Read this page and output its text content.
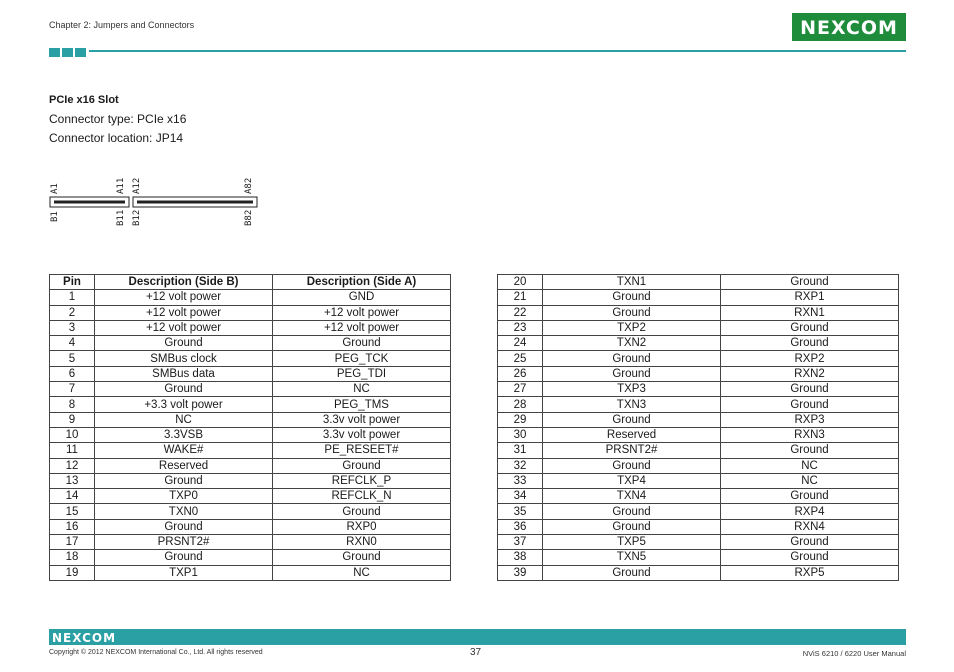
Chapter 2: Jumpers and Connectors	NEXCOM
PCIe x16 Slot
Connector type: PCIe x16
Connector location: JP14
A1	A11 A12	A82
B1	B11 B12	B82
Pin	Description (Side B)	Description (Side A)
1	+12 volt power	GND
2	+12 volt power	+12 volt power
3	+12 volt power	+12 volt power
4	Ground	Ground
5	SMBus clock	PEG_TCK
6	SMBus data	PEG_TDI
7	Ground	NC
8	+3.3 volt power	PEG_TMS
9	NC	3.3v volt power
10	3.3VSB	3.3v volt power
11	WAKE#	PE_RESEET#
12	Reserved	Ground
13	Ground	REFCLK_P
14	TXP0	REFCLK_N
15	TXN0	Ground
16	Ground	RXP0
17	PRSNT2#	RXN0
18	Ground	Ground
19	TXP1	NC
20	TXN1	Ground
21	Ground	RXP1
22	Ground	RXN1
23	TXP2	Ground
24	TXN2	Ground
25	Ground	RXP2
26	Ground	RXN2
27	TXP3	Ground
28	TXN3	Ground
29	Ground	RXP3
30	Reserved	RXN3
31	PRSNT2#	Ground
32	Ground	NC
33	TXP4	NC
34	TXN4	Ground
35	Ground	RXP4
36	Ground	RXN4
37	TXP5	Ground
38	TXN5	Ground
39	Ground	RXP5
NEXCOM
Copyright © 2012 NEXCOM International Co., Ltd. All rights reserved	37	NViS 6210 / 6220 User Manual
